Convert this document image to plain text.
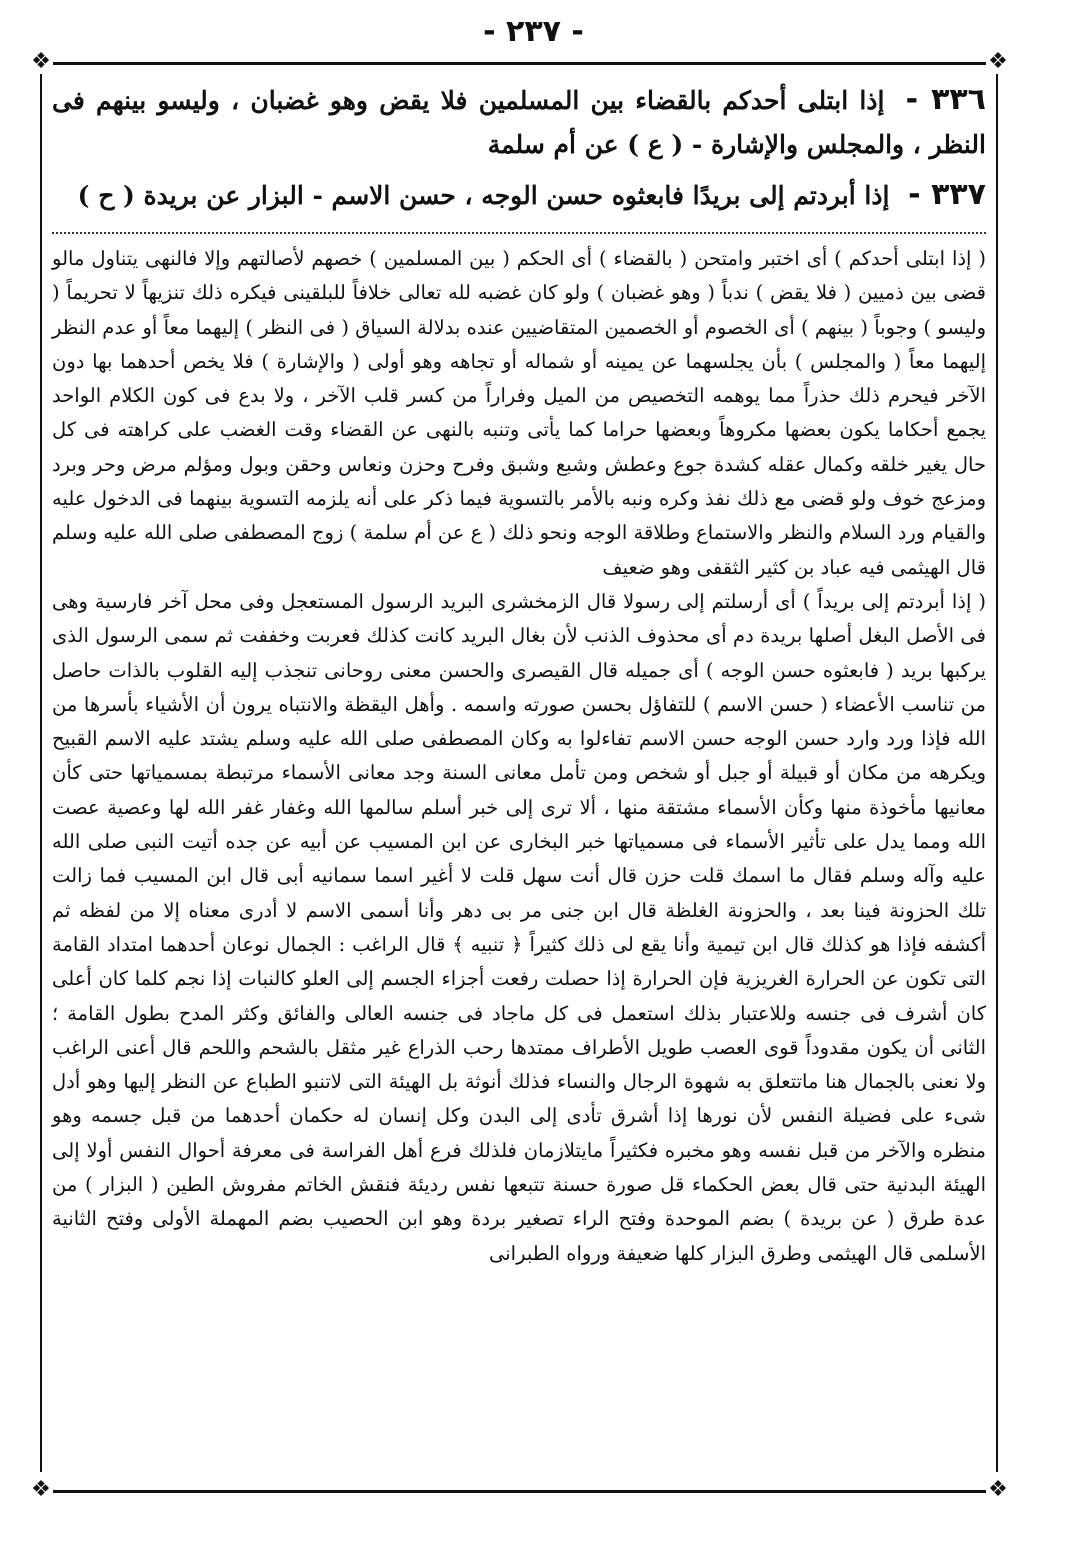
- ٢٣٧ -
❖	❖
❖	❖

٣٣٦ - إذا ابتلى أحدكم بالقضاء بين المسلمين فلا يقض وهو غضبان ، وليسو بينهم فى النظر ، والمجلس والإشارة - ( ع ) عن أم سلمة

٣٣٧ - إذا أبردتم إلى بريدًا فابعثوه حسن الوجه ، حسن الاسم - البزار عن بريدة ( ح )

( إذا ابتلى أحدكم ) أى اختبر وامتحن ( بالقضاء ) أى الحكم ( بين المسلمين ) خصهم لأصالتهم وإلا فالنهى يتناول مالو قضى بين ذميين ( فلا يقض ) ندباً ( وهو غضبان ) ولو كان غضبه لله تعالى خلافاً للبلقينى فيكره ذلك تنزيهاً لا تحريماً ( وليسو ) وجوباً ( بينهم ) أى الخصوم أو الخصمين المتقاضيين عنده بدلالة السياق ( فى النظر ) إليهما معاً أو عدم النظر إليهما معاً ( والمجلس ) بأن يجلسهما عن يمينه أو شماله أو تجاهه وهو أولى ( والإشارة ) فلا يخص أحدهما بها دون الآخر فيحرم ذلك حذراً مما يوهمه التخصيص من الميل وفراراً من كسر قلب الآخر ، ولا بدع فى كون الكلام الواحد يجمع أحكاما يكون بعضها مكروهاً وبعضها حراما كما يأتى وتنبه بالنهى عن القضاء وقت الغضب على كراهته فى كل حال يغير خلقه وكمال عقله كشدة جوع وعطش وشبع وشبق وفرح وحزن ونعاس وحقن وبول ومؤلم مرض وحر وبرد ومزعج خوف ولو قضى مع ذلك نفذ وكره ونبه بالأمر بالتسوية فيما ذكر على أنه يلزمه التسوية بينهما فى الدخول عليه والقيام ورد السلام والنظر والاستماع وطلاقة الوجه ونحو ذلك ( ع عن أم سلمة ) زوج المصطفى صلى الله عليه وسلم قال الهيثمى فيه عباد بن كثير الثقفى وهو ضعيف

( إذا أبردتم إلى بريداً ) أى أرسلتم إلى رسولا قال الزمخشرى البريد الرسول المستعجل وفى محل آخر فارسية وهى فى الأصل البغل أصلها بريدة دم أى محذوف الذنب لأن بغال البريد كانت كذلك فعربت وخففت ثم سمى الرسول الذى يركبها بريد ( فابعثوه حسن الوجه ) أى جميله قال القيصرى والحسن معنى روحانى تنجذب إليه القلوب بالذات حاصل من تناسب الأعضاء ( حسن الاسم ) للتفاؤل بحسن صورته واسمه . وأهل اليقظة والانتباه يرون أن الأشياء بأسرها من الله فإذا ورد وارد حسن الوجه حسن الاسم تفاءلوا به وكان المصطفى صلى الله عليه وسلم يشتد عليه الاسم القبيح ويكرهه من مكان أو قبيلة أو جبل أو شخص ومن تأمل معانى السنة وجد معانى الأسماء مرتبطة بمسمياتها حتى كأن معانيها مأخوذة منها وكأن الأسماء مشتقة منها ، ألا ترى إلى خبر أسلم سالمها الله وغفار غفر الله لها وعصية عصت الله ومما يدل على تأثير الأسماء فى مسمياتها خبر البخارى عن ابن المسيب عن أبيه عن جده أتيت النبى صلى الله عليه وآله وسلم فقال ما اسمك قلت حزن قال أنت سهل قلت لا أغير اسما سمانيه أبى قال ابن المسيب فما زالت تلك الحزونة فينا بعد ، والحزونة الغلظة قال ابن جنى مر بى دهر وأنا أسمى الاسم لا أدرى معناه إلا من لفظه ثم أكشفه فإذا هو كذلك قال ابن تيمية وأنا يقع لى ذلك كثيراً ﴿ تنبيه ﴾ قال الراغب : الجمال نوعان أحدهما امتداد القامة التى تكون عن الحرارة الغريزية فإن الحرارة إذا حصلت رفعت أجزاء الجسم إلى العلو كالنبات إذا نجم كلما كان أعلى كان أشرف فى جنسه وللاعتبار بذلك استعمل فى كل ماجاد فى جنسه العالى والفائق وكثر المدح بطول القامة ؛ الثانى أن يكون مقدوداً قوى العصب طويل الأطراف ممتدها رحب الذراع غير مثقل بالشحم واللحم قال أعنى الراغب ولا نعنى بالجمال هنا ماتتعلق به شهوة الرجال والنساء فذلك أنوثة بل الهيئة التى لاتنبو الطباع عن النظر إليها وهو أدل شىء على فضيلة النفس لأن نورها إذا أشرق تأدى إلى البدن وكل إنسان له حكمان أحدهما من قبل جسمه وهو منظره والآخر من قبل نفسه وهو مخبره فكثيراً مايتلازمان فلذلك فرع أهل الفراسة فى معرفة أحوال النفس أولا إلى الهيئة البدنية حتى قال بعض الحكماء قل صورة حسنة تتبعها نفس رديئة فنقش الخاتم مفروش الطين ( البزار ) من عدة طرق ( عن بريدة ) بضم الموحدة وفتح الراء تصغير بردة وهو ابن الحصيب بضم المهملة الأولى وفتح الثانية الأسلمى قال الهيثمى وطرق البزار كلها ضعيفة ورواه الطبرانى
